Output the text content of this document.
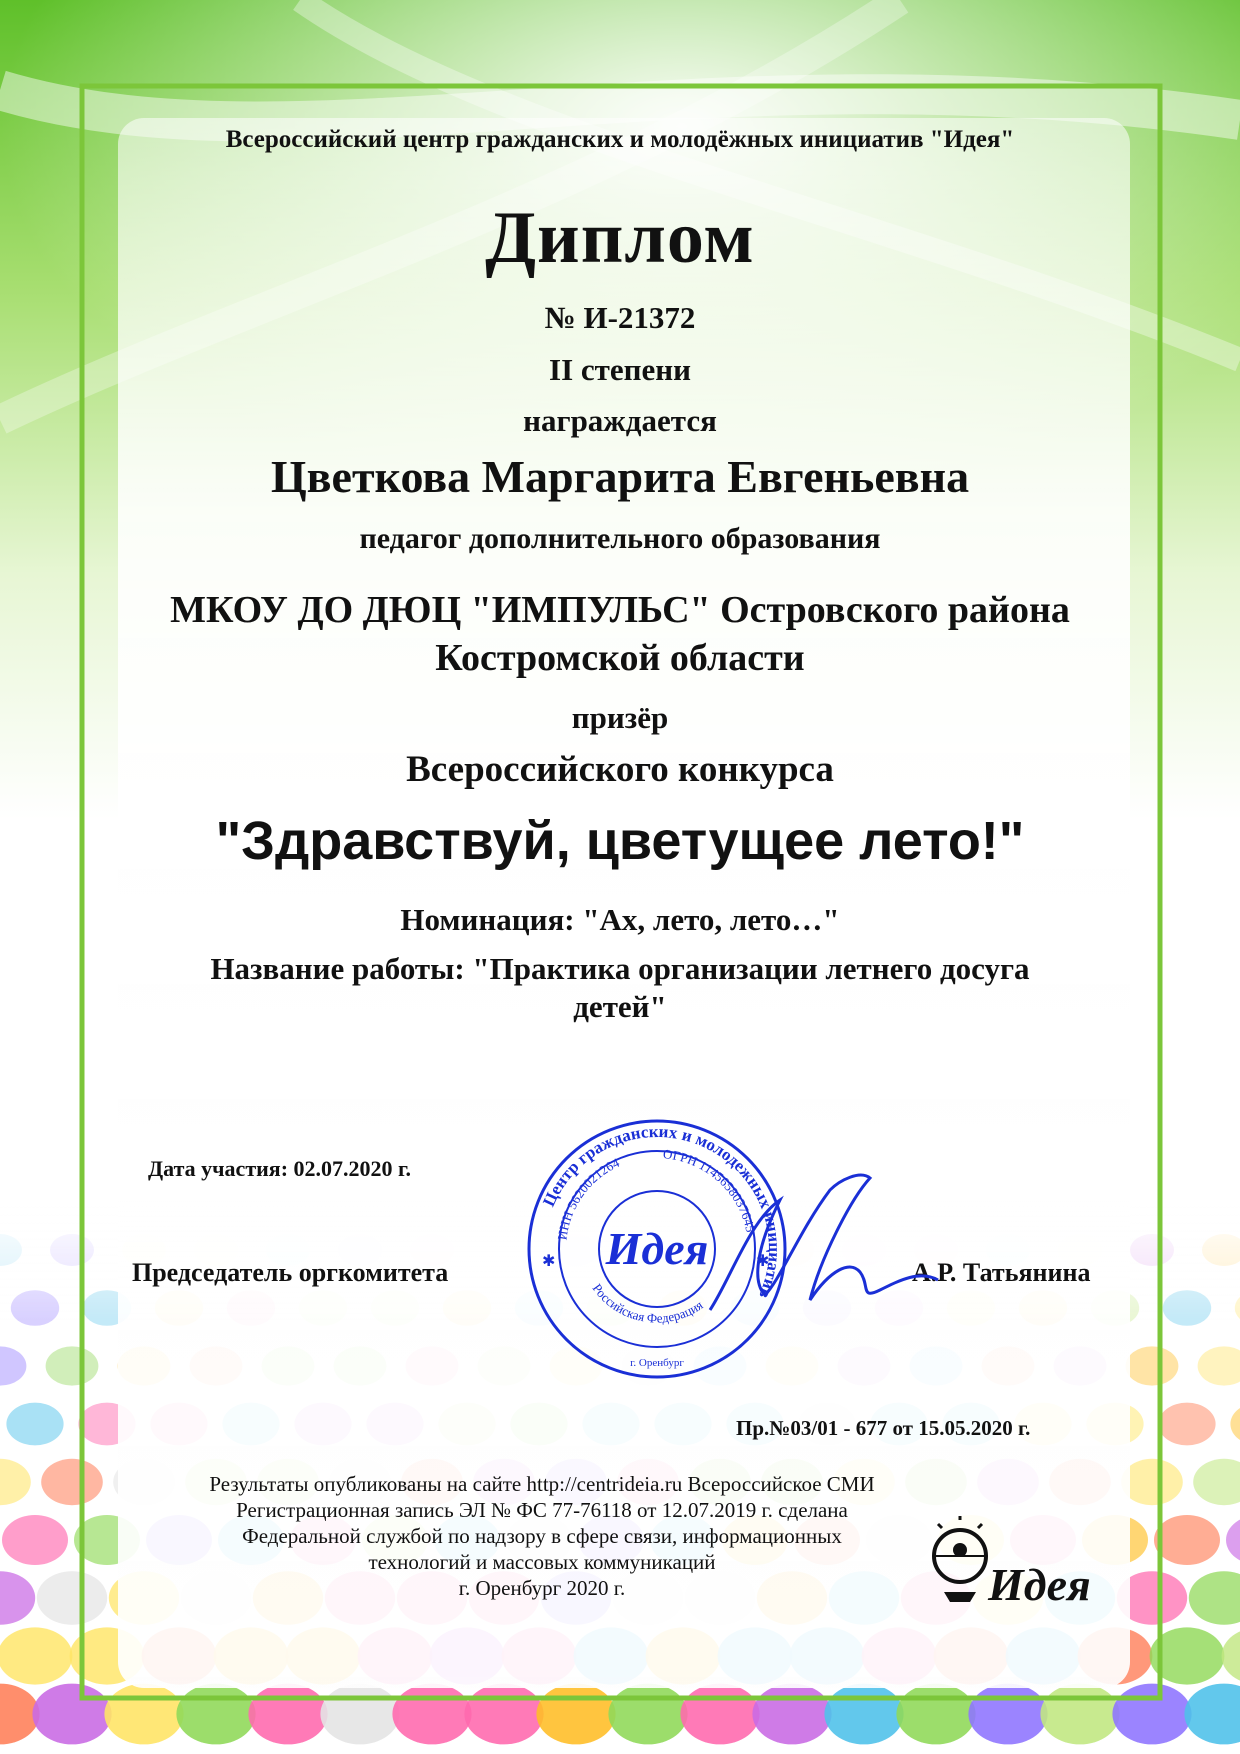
Всероссийский центр гражданских и молодёжных инициатив "Идея"
Диплом
№ И-21372
II степени
награждается
Цветкова Маргарита Евгеньевна
педагог дополнительного образования
МКОУ ДО ДЮЦ "ИМПУЛЬС" Островского района Костромской области
призёр
Всероссийского конкурса
"Здравствуй, цветущее лето!"
Номинация: "Ах, лето, лето…"
Название работы: "Практика организации летнего досуга детей"
Дата участия: 02.07.2020 г.
Председатель оргкомитета	А.Р. Татьянина
Центр гражданских и молодежных инициатив
ИНН 5620021264
ОГРН 1145658037645
Российская Федерация
г. Оренбург
Идея
✱	✱
Пр.№03/01 - 677 от 15.05.2020 г.
Результаты опубликованы на сайте http://centrideia.ru Всероссийское СМИ
Регистрационная запись ЭЛ № ФС 77-76118 от 12.07.2019 г. сделана
Федеральной службой по надзору в сфере связи, информационных
технологий и массовых коммуникаций
г. Оренбург 2020 г.	Идея
